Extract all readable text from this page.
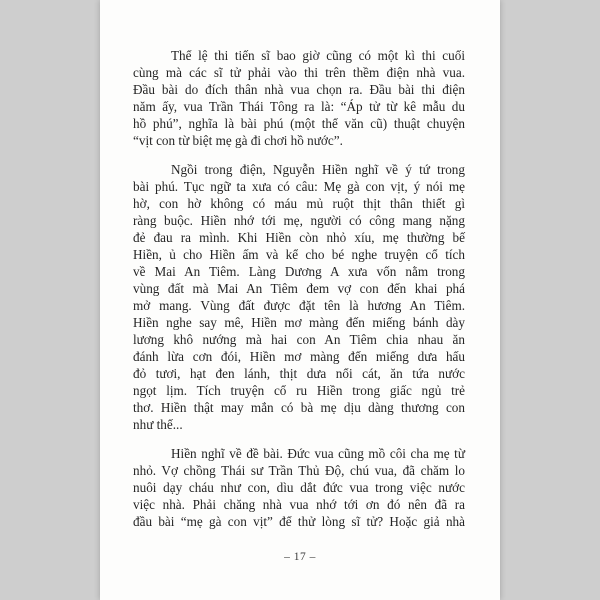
Thể lệ thi tiến sĩ bao giờ cũng có một kì thi cuối
cùng mà các sĩ tử phải vào thi trên thềm điện nhà vua.
Đầu bài do đích thân nhà vua chọn ra. Đầu bài thi điện
năm ấy, vua Trần Thái Tông ra là: “Áp tử từ kê mẫu du
hồ phú”, nghĩa là bài phú (một thể văn cũ) thuật chuyện
“vịt con từ biệt mẹ gà đi chơi hồ nước”.
Ngồi trong điện, Nguyễn Hiền nghĩ về ý tứ trong
bài phú. Tục ngữ ta xưa có câu: Mẹ gà con vịt, ý nói mẹ
hờ, con hờ không có máu mủ ruột thịt thân thiết gì
ràng buộc. Hiền nhớ tới mẹ, người có công mang nặng
đẻ đau ra mình. Khi Hiền còn nhỏ xíu, mẹ thường bế
Hiền, ủ cho Hiền ấm và kể cho bé nghe truyện cổ tích
về Mai An Tiêm. Làng Dương A xưa vốn nằm trong
vùng đất mà Mai An Tiêm đem vợ con đến khai phá
mở mang. Vùng đất được đặt tên là hương An Tiêm.
Hiền nghe say mê, Hiền mơ màng đến miếng bánh dày
lương khô nướng mà hai con An Tiêm chia nhau ăn
đánh lừa cơn đói, Hiền mơ màng đến miếng dưa hấu
đỏ tươi, hạt đen lánh, thịt dưa nổi cát, ăn tứa nước
ngọt lịm. Tích truyện cổ ru Hiền trong giấc ngủ trẻ
thơ. Hiền thật may mắn có bà mẹ dịu dàng thương con
như thế...
Hiền nghĩ về đề bài. Đức vua cũng mồ côi cha mẹ từ
nhỏ. Vợ chồng Thái sư Trần Thủ Độ, chú vua, đã chăm lo
nuôi dạy cháu như con, dìu dắt đức vua trong việc nước
việc nhà. Phải chăng nhà vua nhớ tới ơn đó nên đã ra
đầu bài “mẹ gà con vịt” để thử lòng sĩ tử? Hoặc giả nhà
– 17 –
